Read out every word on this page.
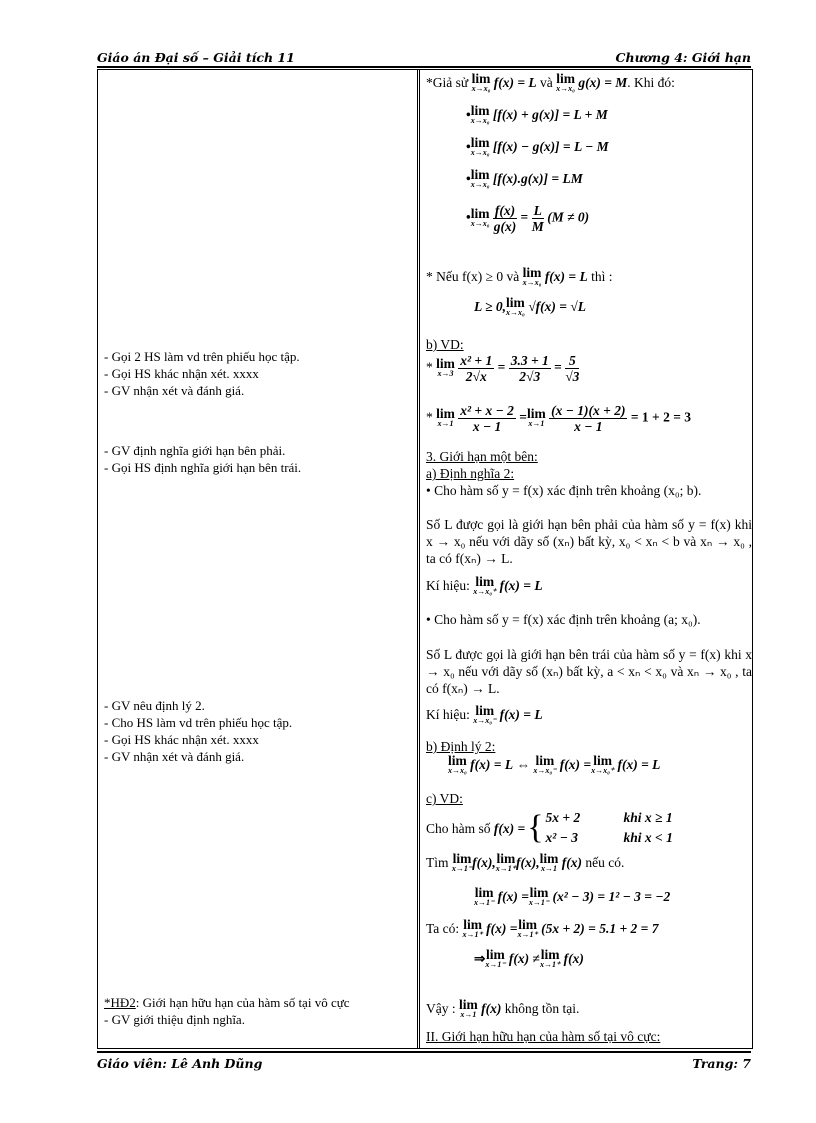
Giáo án Đại số – Giải tích 11	Chương 4: Giới hạn
- Gọi 2 HS làm vd trên phiếu học tập.
- Gọi HS khác nhận xét. xxxx
- GV nhận xét và đánh giá.
- GV định nghĩa giới hạn bên phải.
- Gọi HS định nghĩa giới hạn bên trái.
- GV nêu định lý 2.
- Cho HS làm vd trên phiếu học tập.
- Gọi HS khác nhận xét. xxxx
- GV nhận xét và đánh giá.
*HĐ2: Giới hạn hữu hạn của hàm số tại vô cực
- GV giới thiệu định nghĩa.
*Giả sử lim
x→x₀ f(x) = L và lim
x→x₀ g(x) = M. Khi đó:
•lim
x→x₀ [f(x) + g(x)] = L + M
•lim
x→x₀ [f(x) − g(x)] = L − M
•lim
x→x₀ [f(x).g(x)] = LM
•lim
x→x₀
$\frac{f(x)}{g(x)} = \frac{L}{M} (M \ne 0)$
* Nếu f(x) ≥ 0 và lim
x→x₀ f(x) = L thì :
L ≥ 0,lim
x→x₀ √f(x) = √L
b) VD:
* lim
x→3
$\frac{\text{x² + 1}}{2√x} = \frac{3.3 + 1}{2√3} = \frac{5}{√3}$
* lim
x→1
$\frac{\text{x² + x − 2}}{x - 1} =\lim$
x→1
$\frac{(x - 1)(x + 2)}{x - 1} = 1 + 2 = 3$
3. Giới hạn một bên:
a) Định nghĩa 2:
• Cho hàm số y = f(x) xác định trên khoảng (x₀; b).
Số L được gọi là giới hạn bên phải của hàm số y = f(x) khi x → x₀ nếu với dãy số (xₙ) bất kỳ, x₀ < xₙ < b và xₙ → x₀ , ta có f(xₙ) → L.
Kí hiệu: lim
x→x₀⁺ f(x) = L
• Cho hàm số y = f(x) xác định trên khoảng (a; x₀).
Số L được gọi là giới hạn bên trái của hàm số y = f(x) khi x → x₀ nếu với dãy số (xₙ) bất kỳ, a < xₙ < x₀ và xₙ → x₀ , ta có f(xₙ) → L.
Kí hiệu: lim
x→x₀⁻ f(x) = L
b) Định lý 2:
lim
x→x₀ f(x) = L ⇔ lim
x→x₀⁻ f(x) = lim
x→x₀⁺ f(x) = L
c) VD:
Cho hàm số
f(x) = { 5x + 2	khi x ≥ 1
x² − 3	khi x < 1
Tìm lim
x→1⁻ f(x),lim
x→1⁺ f(x),lim
x→1 f(x) nếu có.
lim
x→1⁻ f(x) =lim
x→1⁻ (x² − 3) = 1² − 3 = −2
Ta có: lim
x→1⁺ f(x) =lim
x→1⁺ (5x + 2) = 5.1 + 2 = 7
⇒lim
x→1⁻ f(x) ≠lim
x→1⁺ f(x)
Vậy : lim
x→1 f(x) không tồn tại.
II. Giới hạn hữu hạn của hàm số tại vô cực:
Giáo viên: Lê Anh Dũng	Trang: 7
